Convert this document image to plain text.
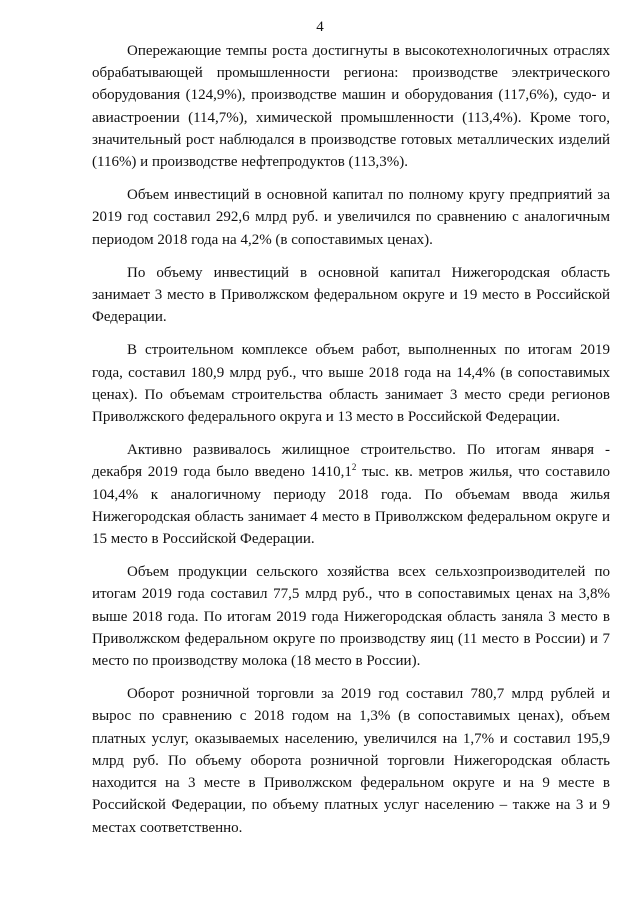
4

Опережающие темпы роста достигнуты в высокотехнологичных отраслях обрабатывающей промышленности региона: производстве электрического оборудования (124,9%), производстве машин и оборудования (117,6%), судо- и авиастроении (114,7%), химической промышленности (113,4%). Кроме того, значительный рост наблюдался в производстве готовых металлических изделий (116%) и производстве нефтепродуктов (113,3%).

Объем инвестиций в основной капитал по полному кругу предприятий за 2019 год составил 292,6 млрд руб. и увеличился по сравнению с аналогичным периодом 2018 года на 4,2% (в сопоставимых ценах).

По объему инвестиций в основной капитал Нижегородская область занимает 3 место в Приволжском федеральном округе и 19 место в Российской Федерации.

В строительном комплексе объем работ, выполненных по итогам 2019 года, составил 180,9 млрд руб., что выше 2018 года на 14,4% (в сопоставимых ценах). По объемам строительства область занимает 3 место среди регионов Приволжского федерального округа и 13 место в Российской Федерации.

Активно развивалось жилищное строительство. По итогам января - декабря 2019 года было введено 1410,1$^2$ тыс. кв. метров жилья, что составило 104,4% к аналогичному периоду 2018 года. По объемам ввода жилья Нижегородская область занимает 4 место в Приволжском федеральном округе и 15 место в Российской Федерации.

Объем продукции сельского хозяйства всех сельхозпроизводителей по итогам 2019 года составил 77,5 млрд руб., что в сопоставимых ценах на 3,8% выше 2018 года. По итогам 2019 года Нижегородская область заняла 3 место в Приволжском федеральном округе по производству яиц (11 место в России) и 7 место по производству молока (18 место в России).

Оборот розничной торговли за 2019 год составил 780,7 млрд рублей и вырос по сравнению с 2018 годом на 1,3% (в сопоставимых ценах), объем платных услуг, оказываемых населению, увеличился на 1,7% и составил 195,9 млрд руб. По объему оборота розничной торговли Нижегородская область находится на 3 месте в Приволжском федеральном округе и на 9 месте в Российской Федерации, по объему платных услуг населению – также на 3 и 9 местах соответственно.
